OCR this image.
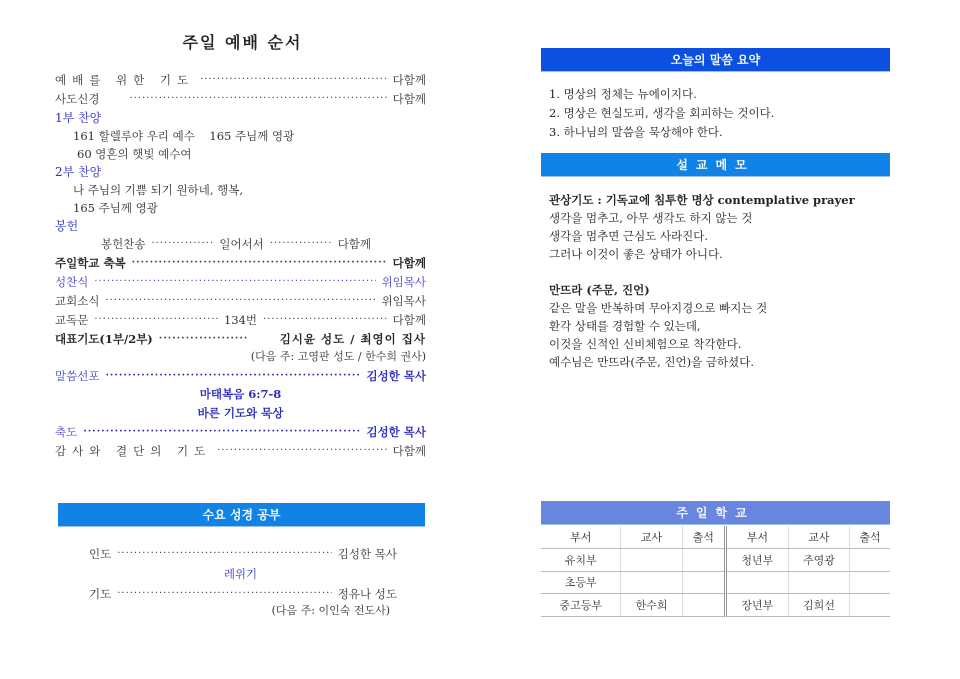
주일 예배 순서
예배를 위한 기도 ·····	다함께
사도신경 ·····	다함께
1부 찬양
161 할렐루야 우리 예수    165 주님께 영광
60 영혼의 햇빛 예수여
2부 찬양
나 주님의 기쁨 되기 원하네, 행복,
165 주님께 영광
봉헌
봉헌찬송 ·····	일어서서 ·····	다함께
주일학교 축복 ·····	다함께
성찬식 ·····	위임목사
교회소식 ·····	위임목사
교독문 ·····	134번 ·····	다함께
대표기도(1부/2부) ·····	김시윤 성도 / 최영이 집사
(다음 주: 고영판 성도 / 한수희 권사)
말씀선포 ·····	김성한 목사
마태복음 6:7-8
바른 기도와 묵상
축도 ·····	김성한 목사
감사와 결단의 기도 ·····	다함께
수요 성경 공부
인도 ·····	김성한 목사
레위기
기도 ·····	정유나 성도
(다음 주: 이인숙 전도사)
오늘의 말씀 요약
1. 명상의 정체는 뉴에이지다.
2. 명상은 현실도피, 생각을 회피하는 것이다.
3. 하나님의 말씀을 묵상해야 한다.
설교메모
관상기도 : 기독교에 침투한 명상 contemplative prayer
생각을 멈추고, 아무 생각도 하지 않는 것
생각을 멈추면 근심도 사라진다.
그러나 이것이 좋은 상태가 아니다.
만뜨라 (주문, 진언)
같은 말을 반복하며 무아지경으로 빠지는 것
환각 상태를 경험할 수 있는데,
이것을 신적인 신비체험으로 착각한다.
예수님은 만뜨라(주문, 진언)을 금하셨다.
주일학교
부서	교사	출석	부서	교사	출석
유치부			청년부	주영광	
초등부					
중고등부	한수희		장년부	김희선	
